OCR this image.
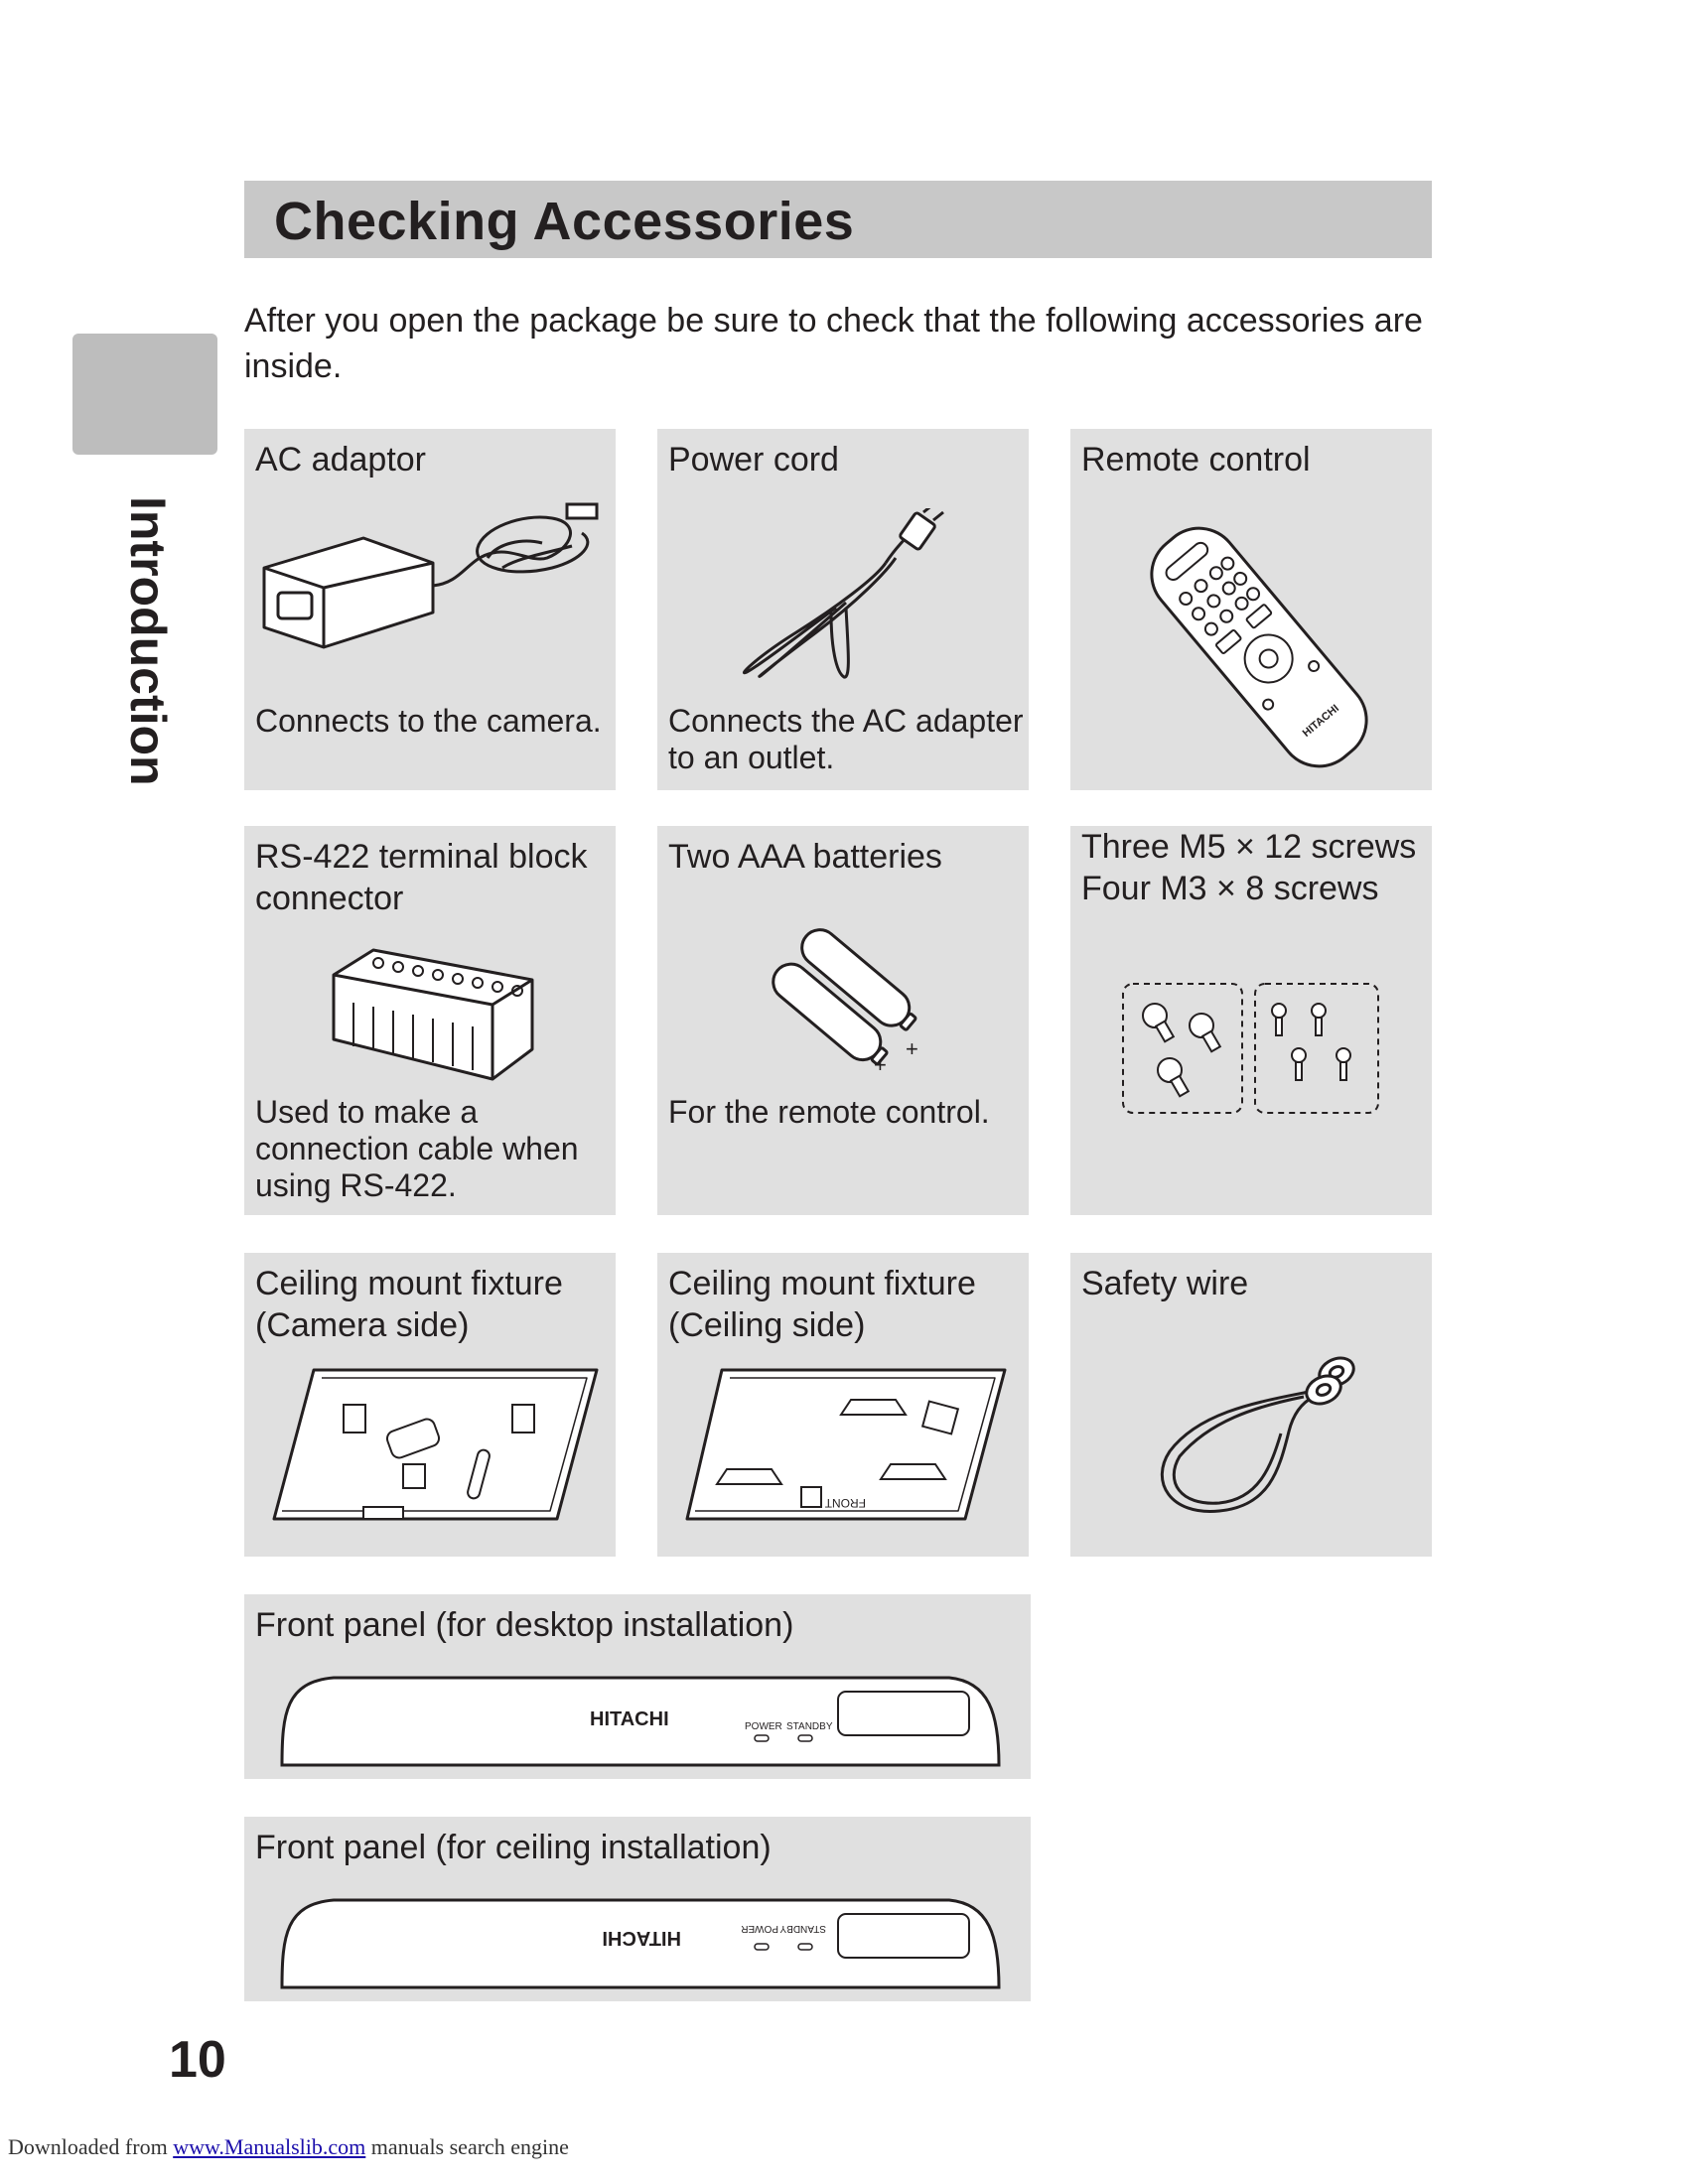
Introduction
Checking Accessories
After you open the package be sure to check that the following accessories are inside.
AC adaptor
Connects to the camera.
Power cord
Connects the AC adapter to an outlet.
Remote control
HITACHI
RS-422 terminal block connector
Used to make a connection cable when using RS-422.
Two AAA batteries
+
+
For the remote control.
Three M5 × 12 screws
Four M3 × 8 screws
Ceiling mount fixture (Camera side)
Ceiling mount fixture (Ceiling side)
FRONT
Safety wire
Front panel (for desktop installation)
HITACHI	POWER STANDBY
Front panel (for ceiling installation)
HITACHI	POWER STANDBY
10
Downloaded from www.Manualslib.com manuals search engine
